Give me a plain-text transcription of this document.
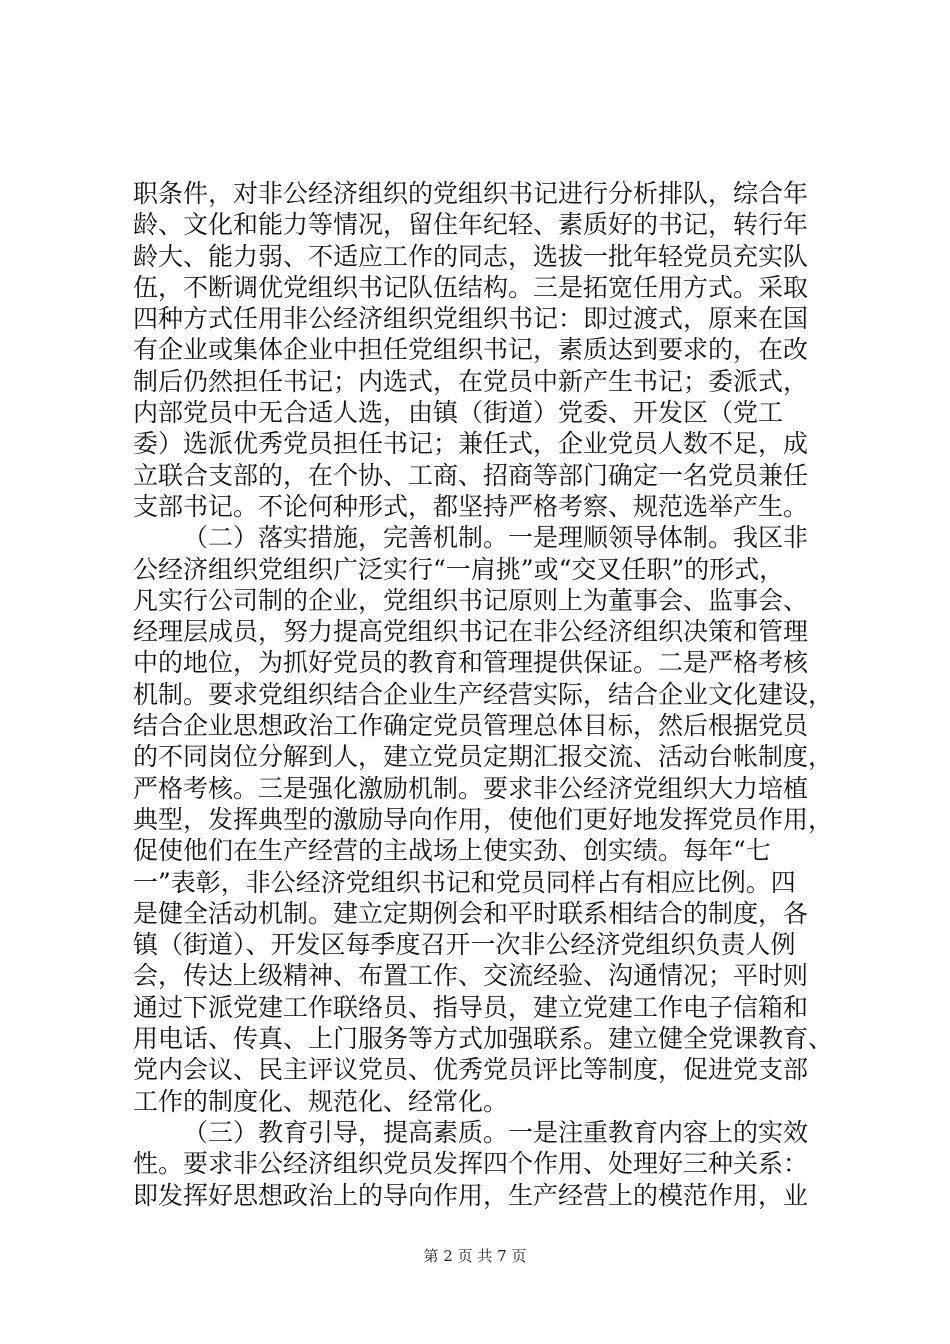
职条件，对非公经济组织的党组织书记进行分析排队，综合年
龄、文化和能力等情况，留住年纪轻、素质好的书记，转行年
龄大、能力弱、不适应工作的同志，选拔一批年轻党员充实队
伍，不断调优党组织书记队伍结构。三是拓宽任用方式。采取
四种方式任用非公经济组织党组织书记：即过渡式，原来在国
有企业或集体企业中担任党组织书记，素质达到要求的，在改
制后仍然担任书记；内选式，在党员中新产生书记；委派式，
内部党员中无合适人选，由镇（街道）党委、开发区（党工
委）选派优秀党员担任书记；兼任式，企业党员人数不足，成
立联合支部的，在个协、工商、招商等部门确定一名党员兼任
支部书记。不论何种形式，都坚持严格考察、规范选举产生。
（二）落实措施，完善机制。一是理顺领导体制。我区非
公经济组织党组织广泛实行“一肩挑”或“交叉任职”的形式，
凡实行公司制的企业，党组织书记原则上为董事会、监事会、
经理层成员，努力提高党组织书记在非公经济组织决策和管理
中的地位，为抓好党员的教育和管理提供保证。二是严格考核
机制。要求党组织结合企业生产经营实际，结合企业文化建设，
结合企业思想政治工作确定党员管理总体目标，然后根据党员
的不同岗位分解到人，建立党员定期汇报交流、活动台帐制度，
严格考核。三是强化激励机制。要求非公经济党组织大力培植
典型，发挥典型的激励导向作用，使他们更好地发挥党员作用，
促使他们在生产经营的主战场上使实劲、创实绩。每年“七
一”表彰，非公经济党组织书记和党员同样占有相应比例。四
是健全活动机制。建立定期例会和平时联系相结合的制度，各
镇（街道）、开发区每季度召开一次非公经济党组织负责人例
会，传达上级精神、布置工作、交流经验、沟通情况；平时则
通过下派党建工作联络员、指导员，建立党建工作电子信箱和
用电话、传真、上门服务等方式加强联系。建立健全党课教育、
党内会议、民主评议党员、优秀党员评比等制度，促进党支部
工作的制度化、规范化、经常化。
（三）教育引导，提高素质。一是注重教育内容上的实效
性。要求非公经济组织党员发挥四个作用、处理好三种关系：
即发挥好思想政治上的导向作用，生产经营上的模范作用，业
第 2 页 共 7 页
